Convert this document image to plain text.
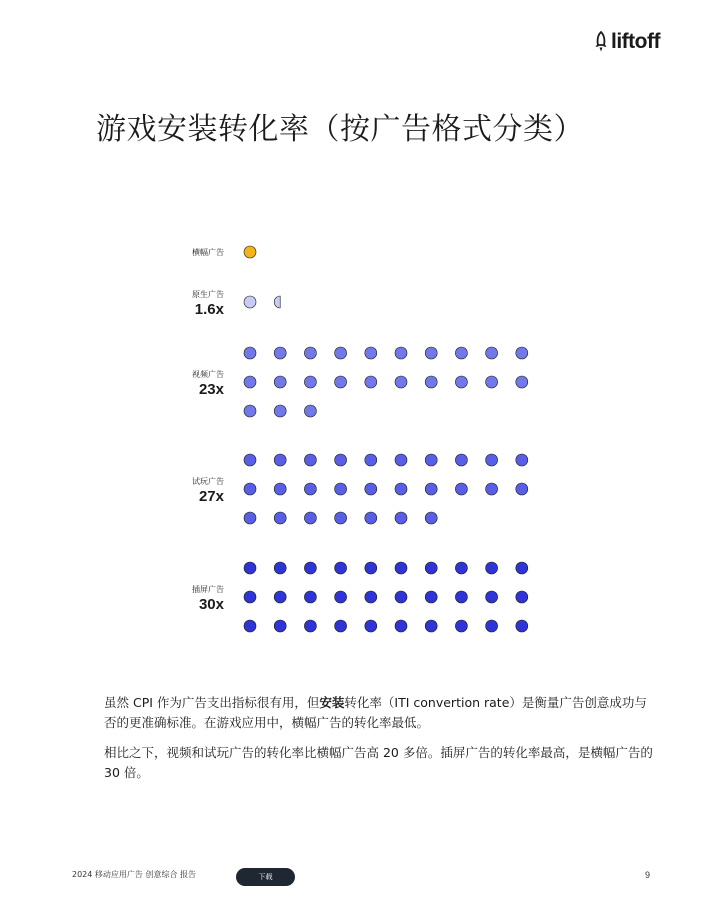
liftoff
游戏安装转化率（按广告格式分类）
横幅广告
原生广告
1.6x
视频广告
23x
试玩广告
27x
插屏广告
30x

虽然 CPI 作为广告支出指标很有用，但安装转化率（ITI convertion rate）是衡量广告创意成功与否的更准确标准。在游戏应用中，横幅广告的转化率最低。

相比之下，视频和试玩广告的转化率比横幅广告高 20 多倍。插屏广告的转化率最高，是横幅广告的 30 倍。

2024 移动应用广告 创意综合 报告	下载	9
